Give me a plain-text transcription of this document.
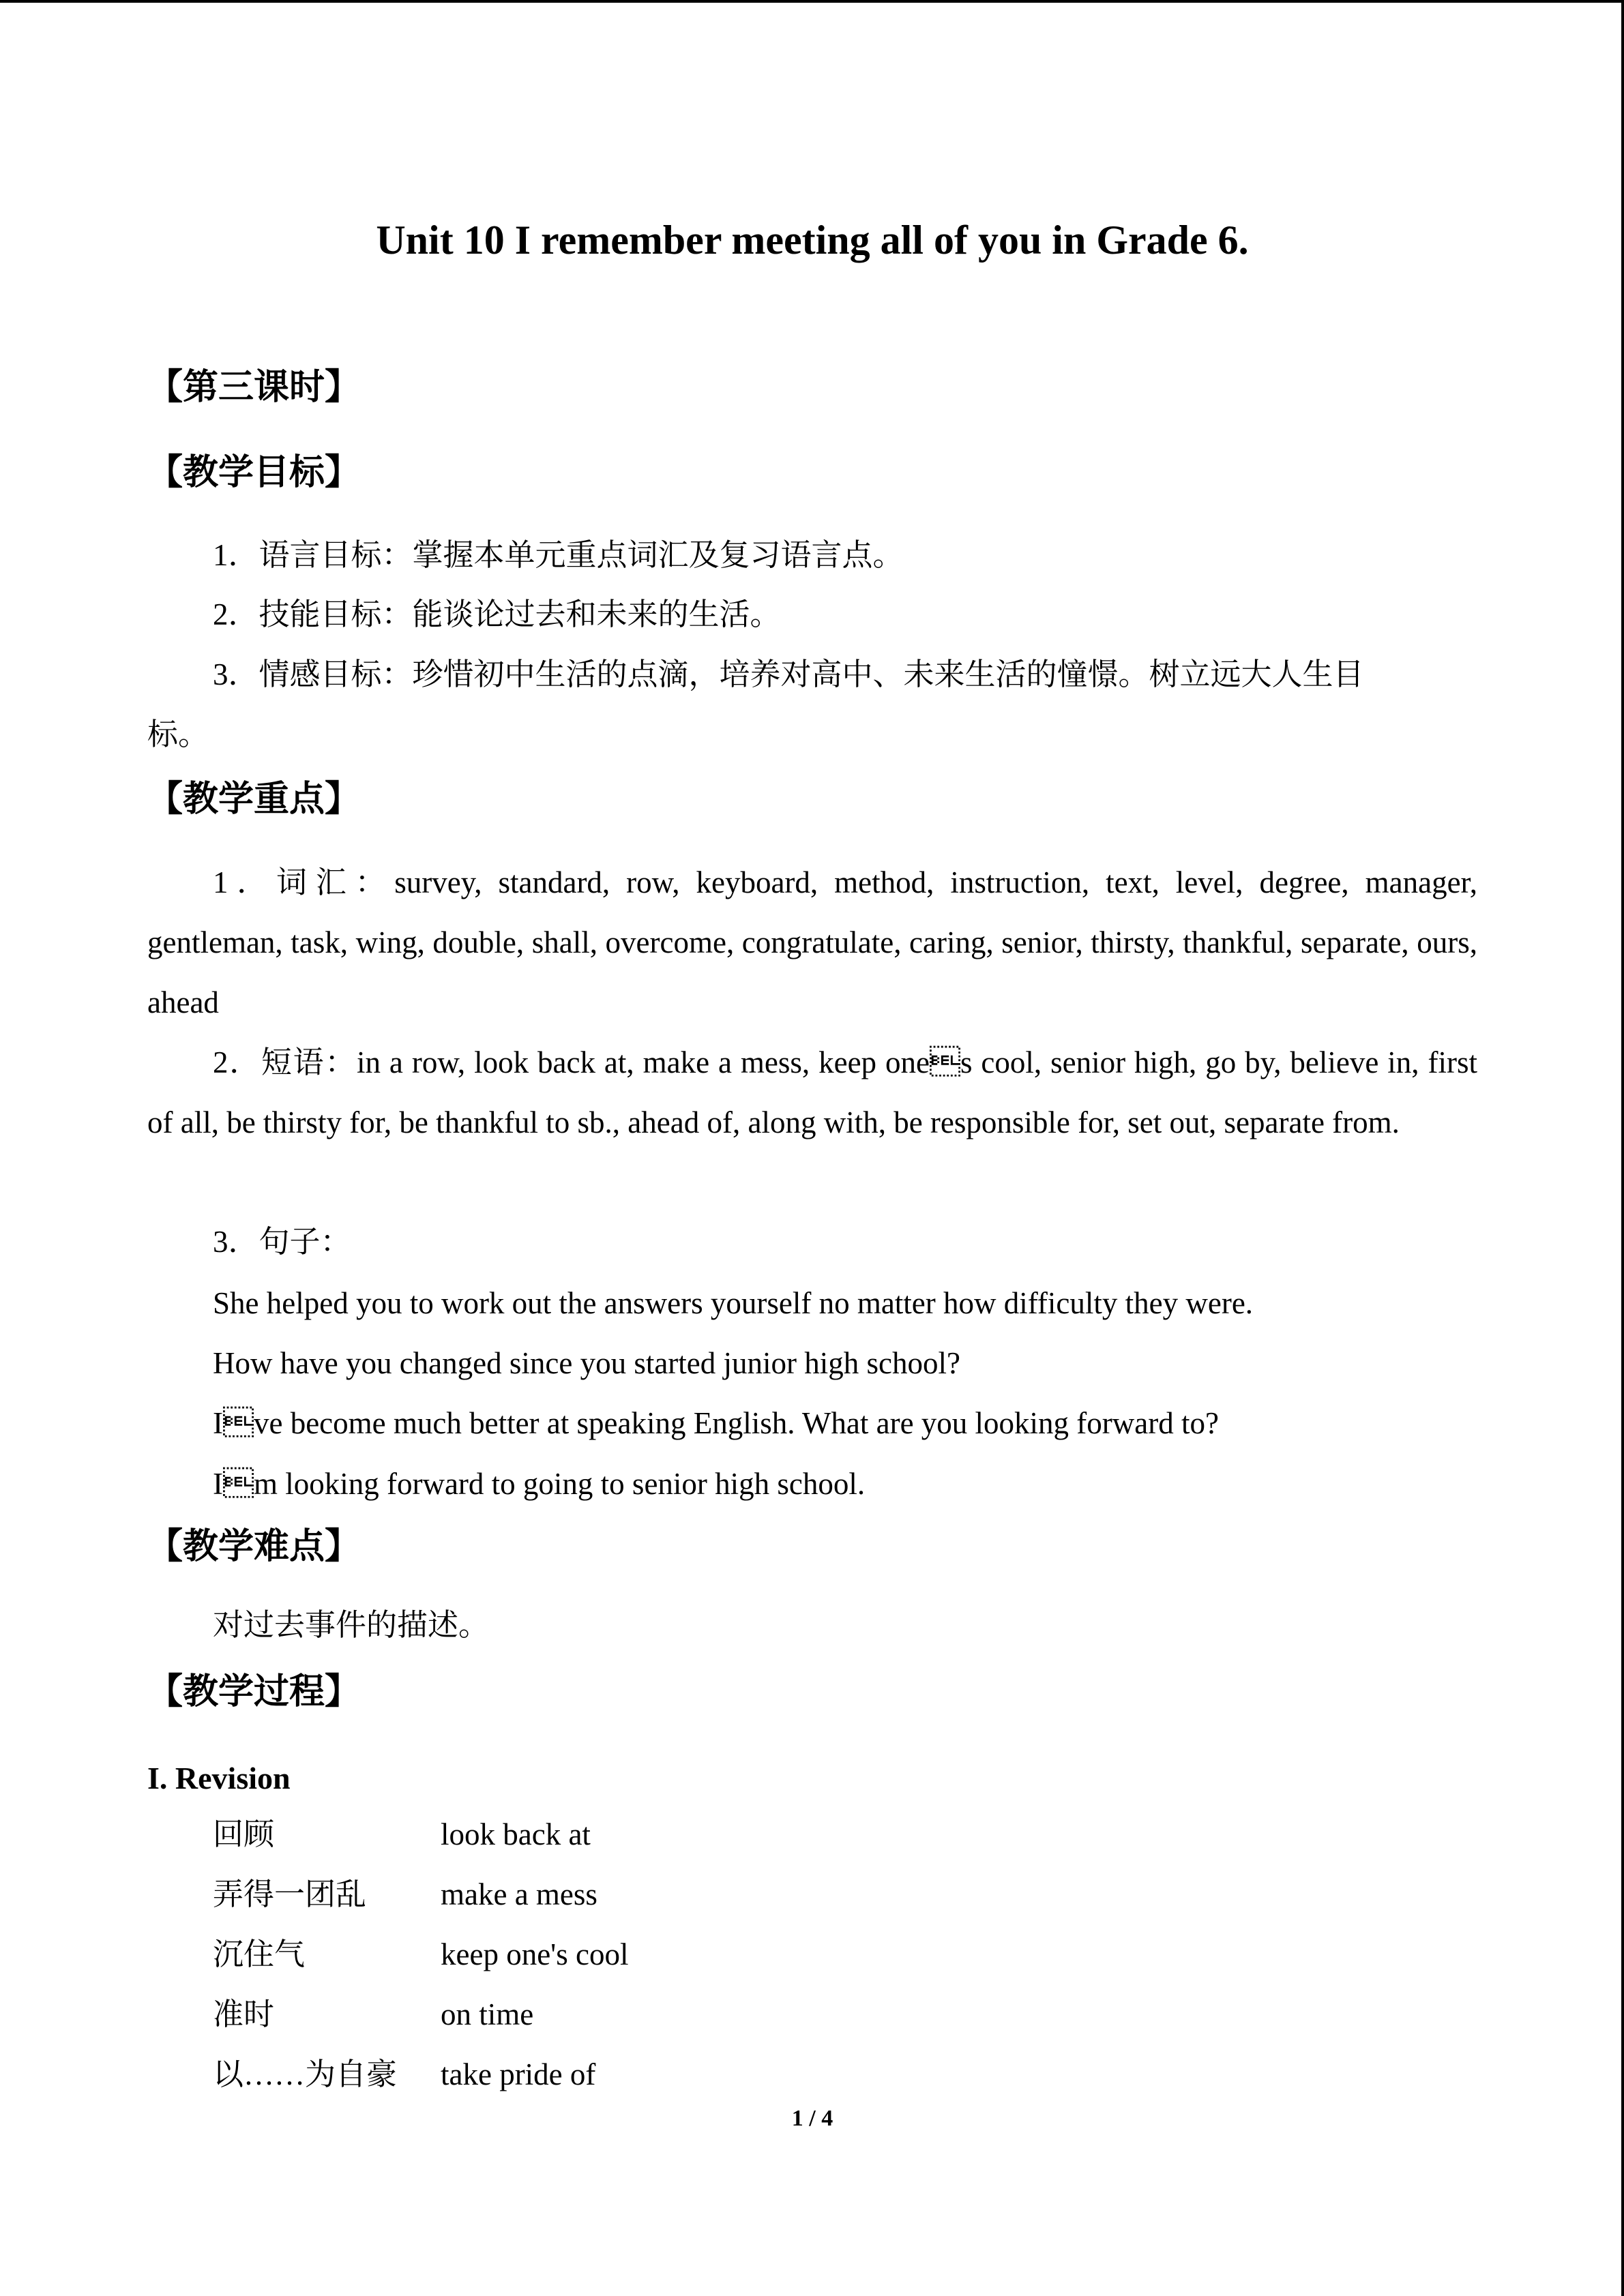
Unit 10 I remember meeting all of you in Grade 6.
【第三课时】
【教学目标】
1．语言目标：掌握本单元重点词汇及复习语言点。
2．技能目标：能谈论过去和未来的生活。
3．情感目标：珍惜初中生活的点滴，培养对高中、未来生活的憧憬。树立远大人生目
标。
【教学重点】
1．词汇：survey, standard, row, keyboard, method, instruction, text, level, degree, manager, gentleman, task, wing, double, shall, overcome, congratulate, caring, senior, thirsty, thankful, separate, ours, ahead
2．短语：in a row, look back at, make a mess, keep ones cool, senior high, go by, believe in, first of all, be thirsty for, be thankful to sb., ahead of, along with, be responsible for, set out, separate from.
3．句子：
She helped you to work out the answers yourself no matter how difficulty they were.
How have you changed since you started junior high school?
Ive become much better at speaking English. What are you looking forward to?
Im looking forward to going to senior high school.
【教学难点】
对过去事件的描述。
【教学过程】
I. Revision
回顾	look back at
弄得一团乱 make a mess
沉住气	keep one's cool
准时	on time
以……为自豪 take pride of
1 / 4
